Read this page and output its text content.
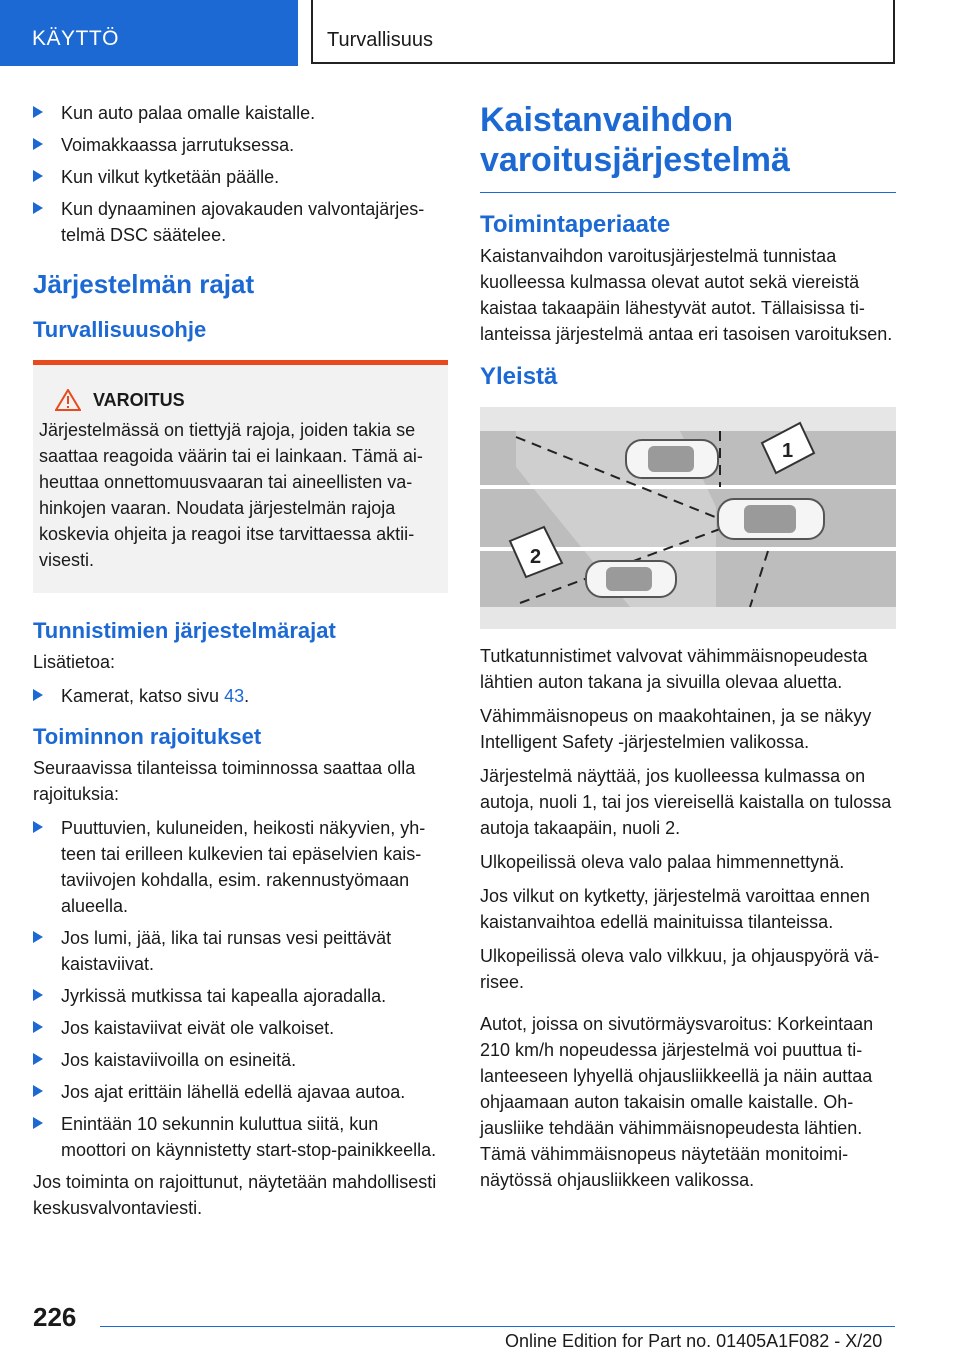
KÄYTTÖ	Turvallisuus
Kun auto palaa omalle kaistalle.
Voimakkaassa jarrutuksessa.
Kun vilkut kytketään päälle.
Kun dynaaminen ajovakauden valvontajärjestelmä DSC säätelee.
Järjestelmän rajat
Turvallisuusohje
VAROITUS
Järjestelmässä on tiettyjä rajoja, joiden takia se saattaa reagoida väärin tai ei lainkaan. Tämä aiheuttaa onnettomuusvaaran tai aineellisten vahinkojen vaaran. Noudata järjestelmän rajoja koskevia ohjeita ja reagoi itse tarvittaessa aktiivisesti.
Tunnistimien järjestelmärajat

Lisätietoa:

Kamerat, katso sivu 43.
Toiminnon rajoitukset

Seuraavissa tilanteissa toiminnossa saattaa olla rajoituksia:

Puuttuvien, kuluneiden, heikosti näkyvien, yhteen tai erilleen kulkevien tai epäselvien kaistaviivojen kohdalla, esim. rakennustyömaan alueella.
Jos lumi, jää, lika tai runsas vesi peittävät kaistaviivat.
Jyrkissä mutkissa tai kapealla ajoradalla.
Jos kaistaviivat eivät ole valkoiset.
Jos kaistaviivoilla on esineitä.
Jos ajat erittäin lähellä edellä ajavaa autoa.
Enintään 10 sekunnin kuluttua siitä, kun moottori on käynnistetty start-stop-painikkeella.

Jos toiminta on rajoittunut, näytetään mahdollisesti keskusvalvontaviesti.

Kaistanvaihdon varoitusjärjestelmä
Toimintaperiaate

Kaistanvaihdon varoitusjärjestelmä tunnistaa kuolleessa kulmassa olevat autot sekä viereistä kaistaa takaapäin lähestyvät autot. Tällaisissa tilanteissa järjestelmä antaa eri tasoisen varoituksen.

Yleistä
1
2

Tutkatunnistimet valvovat vähimmäisnopeudesta lähtien auton takana ja sivuilla olevaa aluetta.

Vähimmäisnopeus on maakohtainen, ja se näkyy Intelligent Safety -järjestelmien valikossa.

Järjestelmä näyttää, jos kuolleessa kulmassa on autoja, nuoli 1, tai jos viereisellä kaistalla on tulossa autoja takaapäin, nuoli 2.

Ulkopeilissä oleva valo palaa himmennettynä.

Jos vilkut on kytketty, järjestelmä varoittaa ennen kaistanvaihtoa edellä mainituissa tilanteissa.

Ulkopeilissä oleva valo vilkkuu, ja ohjauspyörä värisee.

Autot, joissa on sivutörmäysvaroitus: Korkeintaan 210 km/h nopeudessa järjestelmä voi puuttua tilanteeseen lyhyellä ohjausliikkeellä ja näin auttaa ohjaamaan auton takaisin omalle kaistalle. Ohjausliike tehdään vähimmäisnopeudesta lähtien. Tämä vähimmäisnopeus näytetään monitoiminäytössä ohjausliikkeen valikossa.

226
Online Edition for Part no. 01405A1F082 - X/20
